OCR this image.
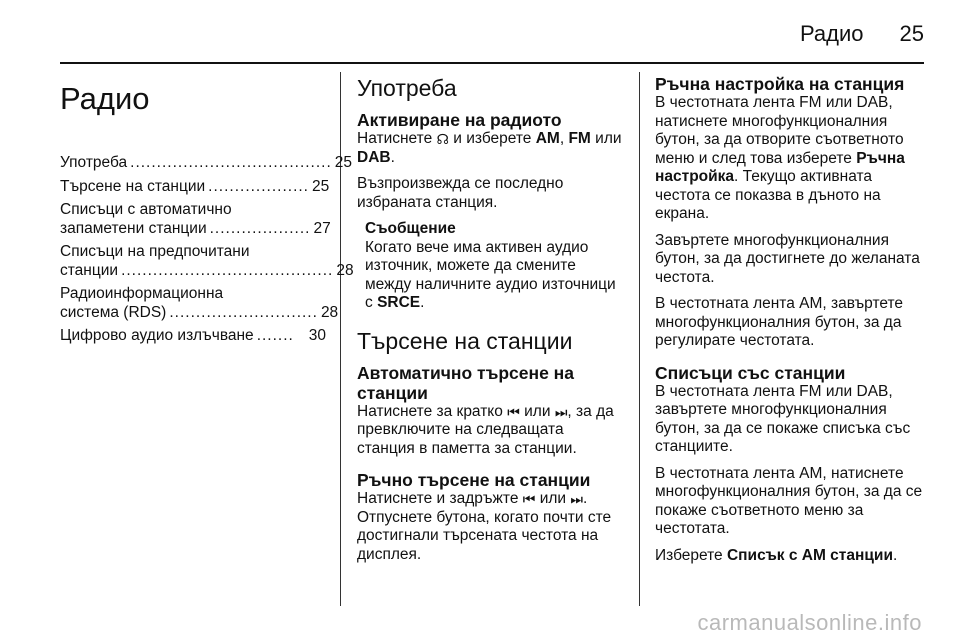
Радио 25
Радио
Употреба ...................................... 25
Търсене на станции ................... 25
Списъци с автоматично
запаметени станции ................... 27
Списъци на предпочитани
станции ........................................ 28
Радиоинформационна
система (RDS) ............................ 28
Цифрово аудио излъчване ....... 30
Употреба
Активиране на радиото

Натиснете ☊ и изберете AM, FM или DAB.

Възпроизвежда се последно избраната станция.

Съобщение
Когато вече има активен аудио източник, можете да смените между наличните аудио източници с SRCE.
Търсене на станции
Автоматично търсене на станции

Натиснете за кратко ⏮ или ⏭, за да превключите на следващата станция в паметта за станции.

Ръчно търсене на станции

Натиснете и задръжте ⏮ или ⏭.

Отпуснете бутона, когато почти сте достигнали търсената честота на дисплея.

Ръчна настройка на станция

В честотната лента FM или DAB, натиснете многофункционалния бутон, за да отворите съответното меню и след това изберете Ръчна настройка. Текущо активната честота се показва в дъното на екрана.

Завъртете многофункционалния бутон, за да достигнете до желаната честота.

В честотната лента AM, завъртете многофункционалния бутон, за да регулирате честотата.

Списъци със станции

В честотната лента FM или DAB, завъртете многофункционалния бутон, за да се покаже списъка със станциите.

В честотната лента AM, натиснете многофункционалния бутон, за да се покаже съответното меню за честотата.

Изберете Списък с AM станции.

carmanualsonline.info
